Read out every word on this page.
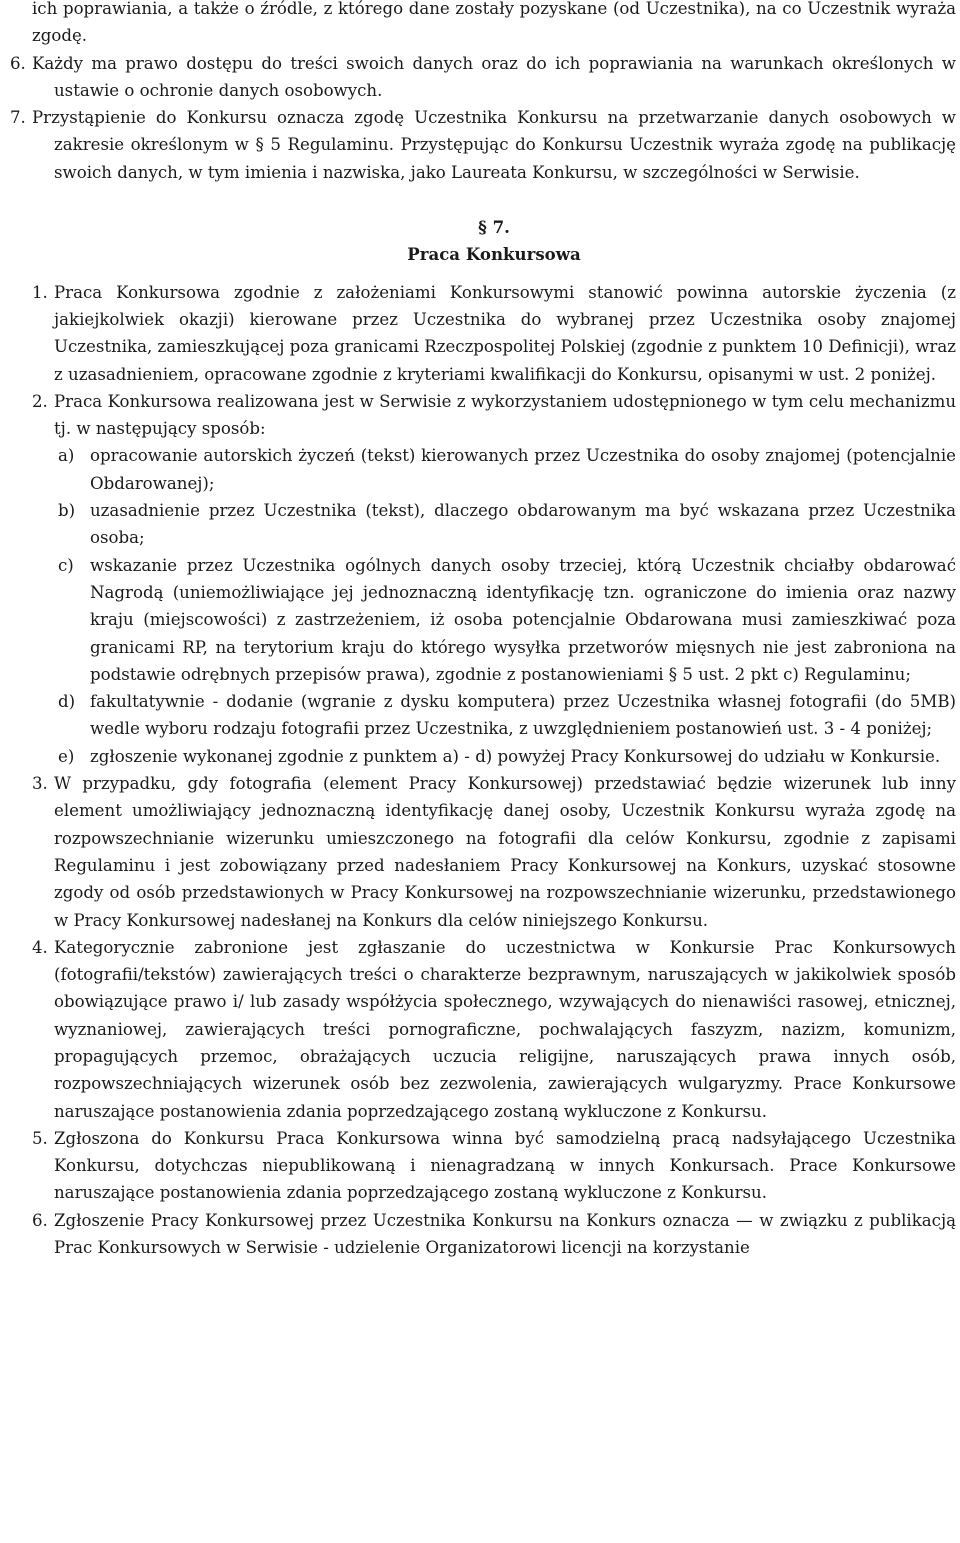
ich poprawiania, a także o źródle, z którego dane zostały pozyskane (od Uczestnika), na co Uczestnik wyraża zgodę.

6. Każdy ma prawo dostępu do treści swoich danych oraz do ich poprawiania na warunkach określonych w ustawie o ochronie danych osobowych.

7. Przystąpienie do Konkursu oznacza zgodę Uczestnika Konkursu na przetwarzanie danych osobowych w zakresie określonym w § 5 Regulaminu. Przystępując do Konkursu Uczestnik wyraża zgodę na publikację swoich danych, w tym imienia i nazwiska, jako Laureata Konkursu, w szczególności w Serwisie.

§ 7.

Praca Konkursowa

1. Praca Konkursowa zgodnie z założeniami Konkursowymi stanowić powinna autorskie życzenia (z jakiejkolwiek okazji) kierowane przez Uczestnika do wybranej przez Uczestnika osoby znajomej Uczestnika, zamieszkującej poza granicami Rzeczpospolitej Polskiej (zgodnie z punktem 10 Definicji), wraz z uzasadnieniem, opracowane zgodnie z kryteriami kwalifikacji do Konkursu, opisanymi w ust. 2 poniżej.

2. Praca Konkursowa realizowana jest w Serwisie z wykorzystaniem udostępnionego w tym celu mechanizmu tj. w następujący sposób:

a) opracowanie autorskich życzeń (tekst) kierowanych przez Uczestnika do osoby znajomej (potencjalnie Obdarowanej);

b) uzasadnienie przez Uczestnika (tekst), dlaczego obdarowanym ma być wskazana przez Uczestnika osoba;

c) wskazanie przez Uczestnika ogólnych danych osoby trzeciej, którą Uczestnik chciałby obdarować Nagrodą (uniemożliwiające jej jednoznaczną identyfikację tzn. ograniczone do imienia oraz nazwy kraju (miejscowości) z zastrzeżeniem, iż osoba potencjalnie Obdarowana musi zamieszkiwać poza granicami RP, na terytorium kraju do którego wysyłka przetworów mięsnych nie jest zabroniona na podstawie odrębnych przepisów prawa), zgodnie z postanowieniami § 5 ust. 2 pkt c) Regulaminu;

d) fakultatywnie - dodanie (wgranie z dysku komputera) przez Uczestnika własnej fotografii (do 5MB) wedle wyboru rodzaju fotografii przez Uczestnika, z uwzględnieniem postanowień ust. 3 - 4 poniżej;

e) zgłoszenie wykonanej zgodnie z punktem a) - d) powyżej Pracy Konkursowej do udziału w Konkursie.

3. W przypadku, gdy fotografia (element Pracy Konkursowej) przedstawiać będzie wizerunek lub inny element umożliwiający jednoznaczną identyfikację danej osoby, Uczestnik Konkursu wyraża zgodę na rozpowszechnianie wizerunku umieszczonego na fotografii dla celów Konkursu, zgodnie z zapisami Regulaminu i jest zobowiązany przed nadesłaniem Pracy Konkursowej na Konkurs, uzyskać stosowne zgody od osób przedstawionych w Pracy Konkursowej na rozpowszechnianie wizerunku, przedstawionego w Pracy Konkursowej nadesłanej na Konkurs dla celów niniejszego Konkursu.

4. Kategorycznie zabronione jest zgłaszanie do uczestnictwa w Konkursie Prac Konkursowych (fotografii/tekstów) zawierających treści o charakterze bezprawnym, naruszających w jakikolwiek sposób obowiązujące prawo i/ lub zasady współżycia społecznego, wzywających do nienawiści rasowej, etnicznej, wyznaniowej, zawierających treści pornograficzne, pochwalających faszyzm, nazizm, komunizm, propagujących przemoc, obrażających uczucia religijne, naruszających prawa innych osób, rozpowszechniających wizerunek osób bez zezwolenia, zawierających wulgaryzmy. Prace Konkursowe naruszające postanowienia zdania poprzedzającego zostaną wykluczone z Konkursu.

5. Zgłoszona do Konkursu Praca Konkursowa winna być samodzielną pracą nadsyłającego Uczestnika Konkursu, dotychczas niepublikowaną i nienagradzaną w innych Konkursach. Prace Konkursowe naruszające postanowienia zdania poprzedzającego zostaną wykluczone z Konkursu.

6. Zgłoszenie Pracy Konkursowej przez Uczestnika Konkursu na Konkurs oznacza — w związku z publikacją Prac Konkursowych w Serwisie - udzielenie Organizatorowi licencji na korzystanie
